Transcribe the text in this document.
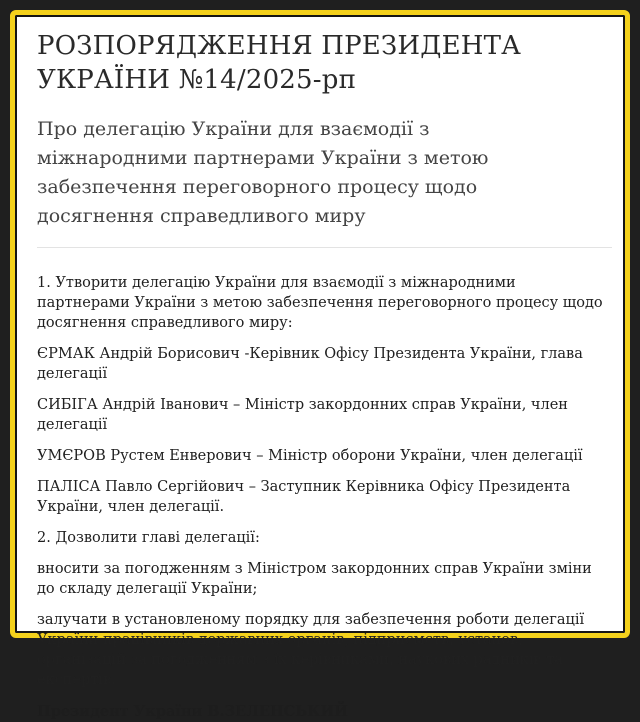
РОЗПОРЯДЖЕННЯ ПРЕЗИДЕНТА
УКРАЇНИ №14/2025-рп
Про делегацію України для взаємодії з міжнародними партнерами України з метою забезпечення переговорного процесу щодо досягнення справедливого миру
1. Утворити делегацію України для взаємодії з міжнародними партнерами України з метою забезпечення переговорного процесу щодо досягнення справедливого миру:
ЄРМАК Андрій Борисович -Керівник Офісу Президента України, глава делегації
СИБІГА Андрій Іванович – Міністр закордонних справ України, член делегації
УМЄРОВ Рустем Енверович – Міністр оборони України, член делегації
ПАЛІСА Павло Сергійович – Заступник Керівника Офісу Президента України, член делегації.
2. Дозволити главі делегації:
вносити за погодженням з Міністром закордонних справ України зміни до складу делегації України;
залучати в установленому порядку для забезпечення роботи делегації України працівників державних органів, підприємств, установ, організацій за погодженням з їх керівниками, наукових радників та експертів.
Президент України В.ЗЕЛЕНСЬКИЙ
